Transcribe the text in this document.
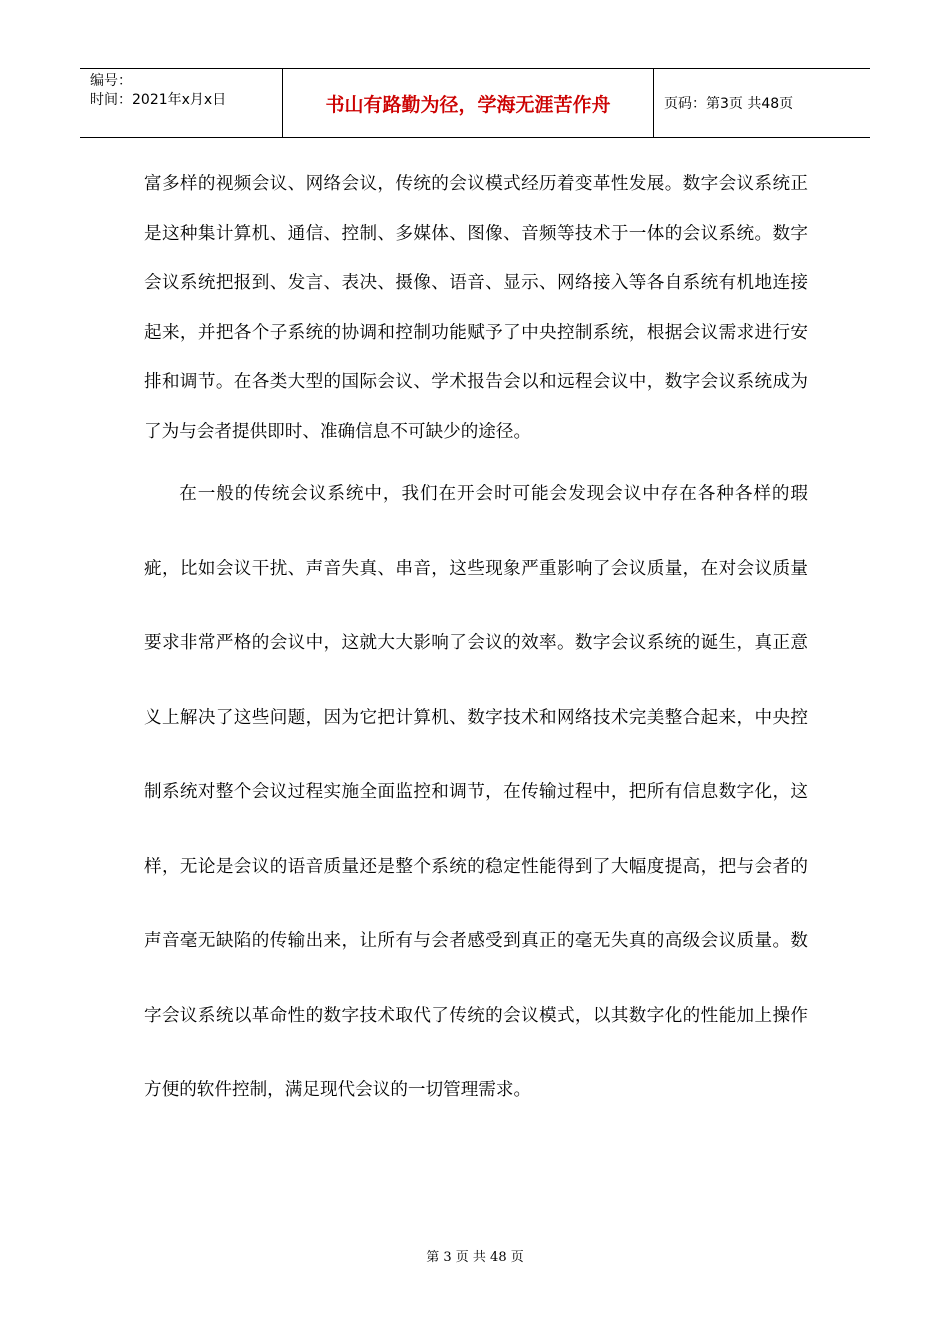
编号：
时间：2021年x月x日	书山有路勤为径，学海无涯苦作舟	页码：第3页 共48页

富多样的视频会议、网络会议，传统的会议模式经历着变革性发展。数字会议系统正是这种集计算机、通信、控制、多媒体、图像、音频等技术于一体的会议系统。数字会议系统把报到、发言、表决、摄像、语音、显示、网络接入等各自系统有机地连接起来，并把各个子系统的协调和控制功能赋予了中央控制系统，根据会议需求进行安排和调节。在各类大型的国际会议、学术报告会以和远程会议中，数字会议系统成为了为与会者提供即时、准确信息不可缺少的途径。

在一般的传统会议系统中，我们在开会时可能会发现会议中存在各种各样的瑕疵，比如会议干扰、声音失真、串音，这些现象严重影响了会议质量，在对会议质量要求非常严格的会议中，这就大大影响了会议的效率。数字会议系统的诞生，真正意义上解决了这些问题，因为它把计算机、数字技术和网络技术完美整合起来，中央控制系统对整个会议过程实施全面监控和调节，在传输过程中，把所有信息数字化，这样，无论是会议的语音质量还是整个系统的稳定性能得到了大幅度提高，把与会者的声音毫无缺陷的传输出来，让所有与会者感受到真正的毫无失真的高级会议质量。数字会议系统以革命性的数字技术取代了传统的会议模式，以其数字化的性能加上操作方便的软件控制，满足现代会议的一切管理需求。

第 3 页 共 48 页
